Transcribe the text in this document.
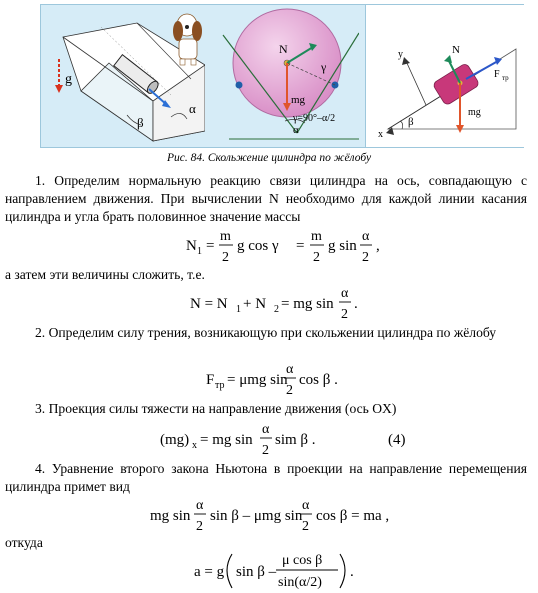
g
α
β
N
mg
γ
γ=90°–α/2
α
y
x
N
mg
F тр
β
Рис. 84. Скольжение цилиндра по жёлобу

1. Определим нормальную реакцию связи цилиндра на ось, совпадающую с направлением движения. При вычислении N необходимо для каждой линии касания цилиндра и угла брать половинное значение массы

N 1 =
m
2
g cos γ =
m
2
g sin
α
2
,

а затем эти величины сложить, т.е.

N = N 1 + N 2 = mg sin
α
2
.

2. Определим силу трения, возникающую при скольжении цилиндра по жёлобу

F тр = μmg sin
α
2
cos β .

3. Проекция силы тяжести на направление движения (ось OX)

(mg) x = mg sin
α
2
sim β .	(4)

4. Уравнение второго закона Ньютона в проекции на направление перемещения цилиндра примет вид

mg sin
α
2
sin β – μmg sin
α
2
cos β = ma ,

откуда

a = g sin β –
μ cos β
sin(α/2)
.
